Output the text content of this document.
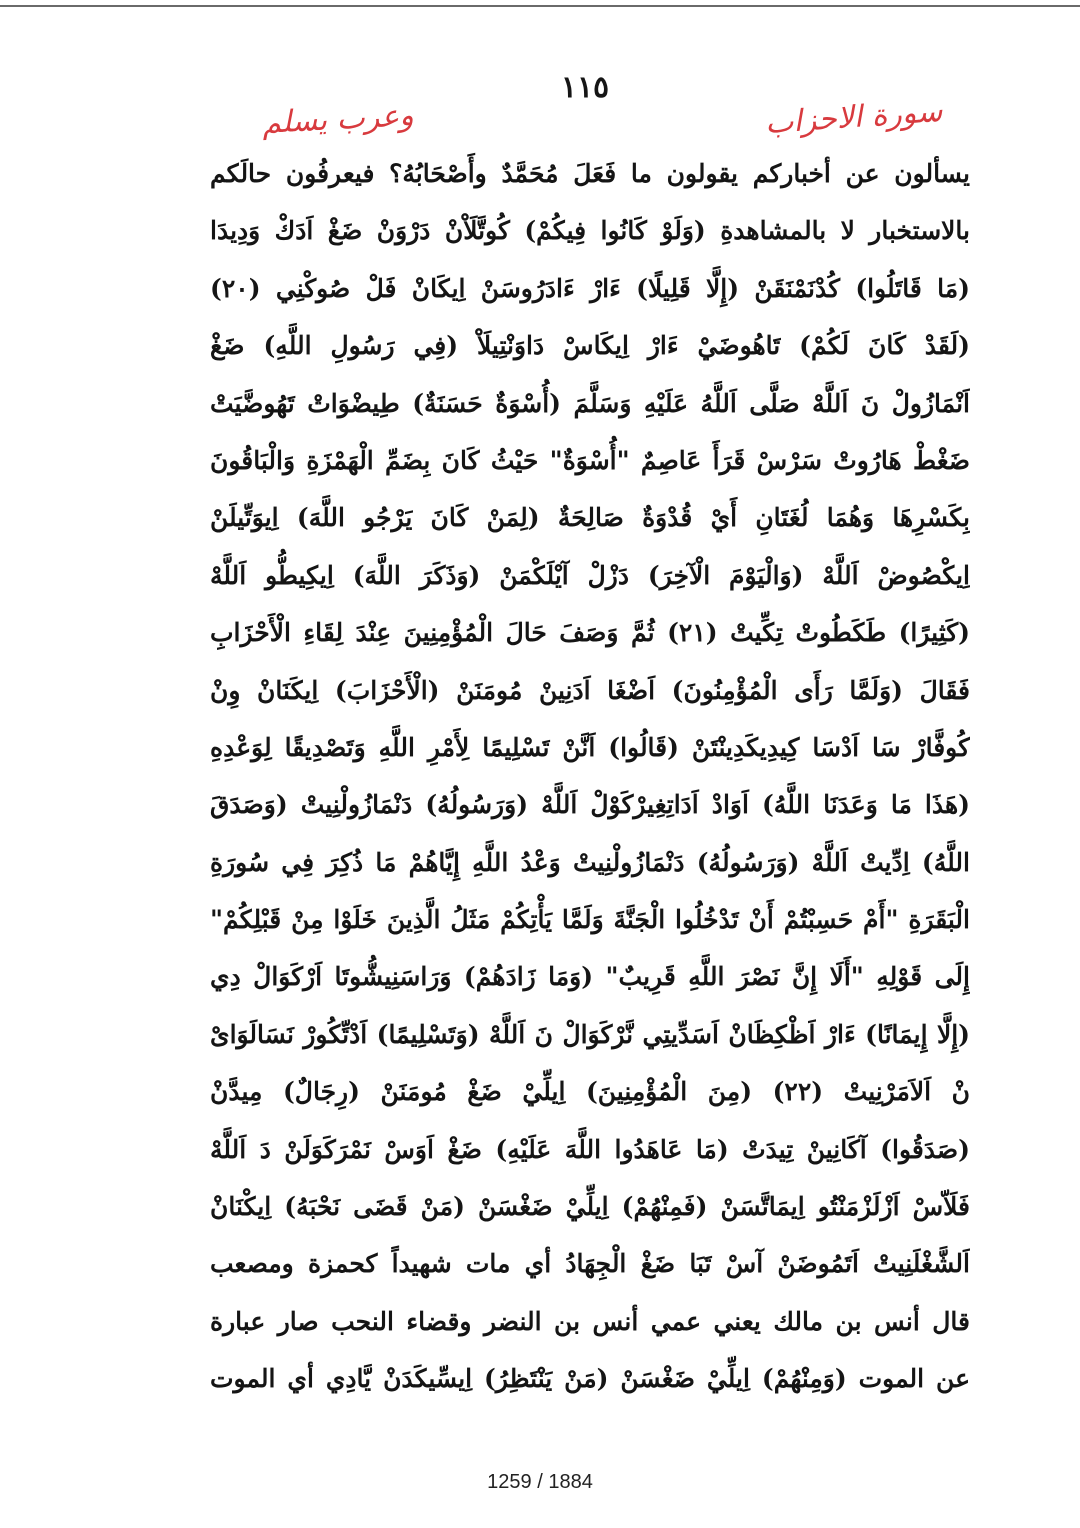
١١٥
سورة الاحزاب
وعرب يسلم
يسألون عن أخباركم يقولون ما فَعَلَ مُحَمَّدٌ وأَصْحَابُهُ؟ فيعرفُون حالَكم
بالاستخبار لا بالمشاهدةِ (وَلَوْ كَانُوا فِيكُمْ) كُوتَّلَاْنْ دَرْوَنْ ضَغْ اَدَكْ وَدِيدَا
(مَا قَاتَلُوا) كُدْنَمْنَقَنْ (إِلَّا قَلِيلًا) ءَارْ ءَادَرُوسَنْ اِيكَانْ فَلْ صُوكْنِي (٢٠)
(لَقَدْ كَانَ لَكُمْ) تَاهُوضَيْ ءَارْ اِيكَاسْ دَاوَنْتِيلَاْ (فِي رَسُولِ اللَّهِ) ضَغْ
اَنْمَازُولْ نَ اَللَّهْ صَلَّى اَللَّهُ عَلَيْهِ وَسَلَّمَ (أُسْوَةٌ حَسَنَةٌ) طِيضْوَاتْ تَهُوضَّيَتْ
ضَغْطْ هَارُوتْ سَرْسْ قَرَأَ عَاصِمٌ "أُسْوَةٌ" حَيْثُ كَانَ بِضَمِّ الْهَمْزَةِ وَالْبَاقُونَ
بِكَسْرِهَا وَهُمَا لُغَتَانِ أَيْ قُدْوَةٌ صَالِحَةٌ (لِمَنْ كَانَ يَرْجُو اللَّهَ) اِيوَتِّيلَنْ
اِيكْصُوضْ اَللَّهْ (وَالْيَوْمَ الْآخِرَ) دَزْلْ آيْلَكْمَنْ (وَذَكَرَ اللَّهَ) اِيكِيطُّو اَللَّهْ
(كَثِيرًا) طَكَطُوتْ تِكِّيتْ (٢١) ثُمَّ وَصَفَ حَالَ الْمُؤْمِنِينَ عِنْدَ لِقَاءِ الْأَحْزَابِ
فَقَالَ (وَلَمَّا رَأَى الْمُؤْمِنُونَ) اَضْغَا اَدَنِينْ مُومَنَنْ (الْأَحْزَابَ) اِيكَنَانْ وِنْ
كُوفَّارْ سَا اَدْسَا كِيدِيكَدِينْتَنْ (قَالُوا) اَنَّنْ تَسْلِيمًا لِأَمْرِ اللَّهِ وَتَصْدِيقًا لِوَعْدِهِ
(هَذَا مَا وَعَدَنَا اللَّهُ) اَوَادْ اَدَاتِغِيرْكَوْلْ اَللَّهْ (وَرَسُولُهُ) دَنْمَازُولْنِيتْ (وَصَدَقَ
اللَّهُ) اِدِّيتْ اَللَّهْ (وَرَسُولُهُ) دَنْمَازُولْنِيتْ وَعْدُ اللَّهِ إِيَّاهُمْ مَا ذُكِرَ فِي سُورَةِ
الْبَقَرَةِ "أَمْ حَسِبْتُمْ أَنْ تَدْخُلُوا الْجَنَّةَ وَلَمَّا يَأْتِكُمْ مَثَلُ الَّذِينَ خَلَوْا مِنْ قَبْلِكُمْ"
إِلَى قَوْلِهِ "أَلَا إِنَّ نَصْرَ اللَّهِ قَرِيبٌ" (وَمَا زَادَهُمْ) وَرَاسَنِيشُّوتَا اَرْكَوَالْ دِي
(إِلَّا إِيمَانًا) ءَارْ اَظْكِظَانْ اَسَدِّيتِي نَّرْكَوَالْ نَ اَللَّهْ (وَتَسْلِيمًا) اَدْتِّكُورْ نَسَالَوَاىْ
نْ اَلاَمَرْنِيتْ (٢٢) (مِنَ الْمُؤْمِنِينَ) اِيلِّيْ ضَغْ مُومَنَنْ (رِجَالٌ) مِيدَّنْ
(صَدَقُوا) آكَانِينْ تِيدَتْ (مَا عَاهَدُوا اللَّهَ عَلَيْهِ) ضَغْ اَوَسْ نَمْرَكَوَلَنْ دَ اَللَّهْ
فَلَاّسْ اَزْلَزْمَنْتُو اِيمَاتَّسَنْ (فَمِنْهُمْ) اِيلِّيْ ضَغْسَنْ (مَنْ قَضَى نَحْبَهُ) اِيكْنَانْ
اَلشَّغْلَنِيتْ اَتَمُوضَنْ آسْ تَبَا ضَغْ الْجِهَادُ أي مات شهيداً كحمزة ومصعب
قال أنس بن مالك يعني عمي أنس بن النضر وقضاء النحب صار عبارة
عن الموت (وَمِنْهُمْ) اِيلِّيْ ضَغْسَنْ (مَنْ يَنْتَظِرُ) اِيسِّيكَدَنْ يَّادِي أي الموت
1259 / 1884
